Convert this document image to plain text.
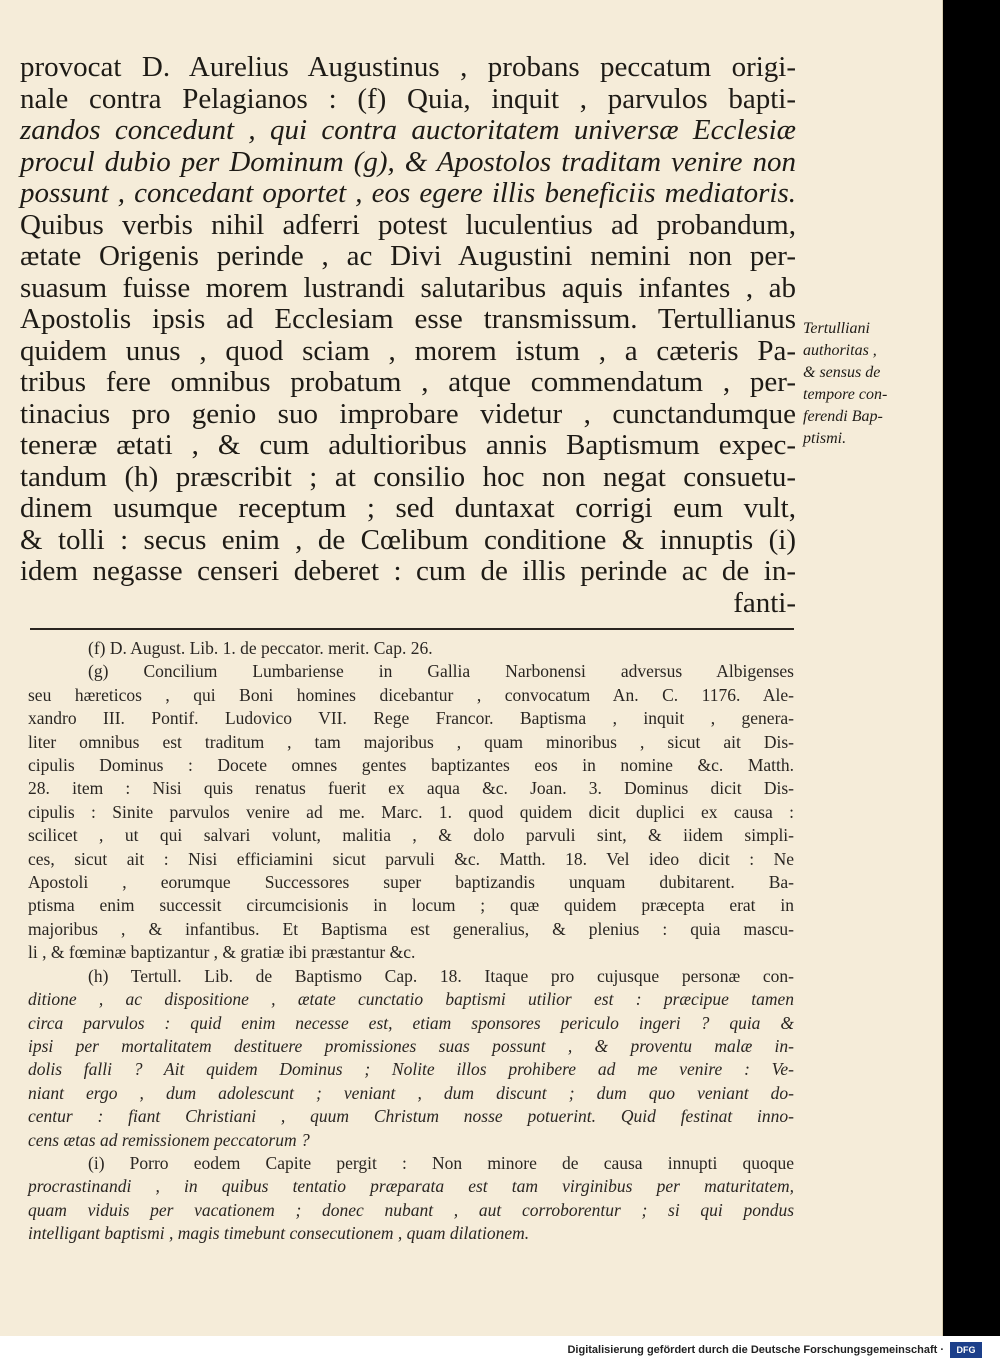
provocat D. Aurelius Augustinus , probans peccatum origi-
nale contra Pelagianos : (f) Quia, inquit , parvulos bapti-
zandos concedunt , qui contra auctoritatem universæ Ecclesiæ
procul dubio per Dominum (g), & Apostolos traditam venire non
possunt , concedant oportet , eos egere illis beneficiis mediatoris.
Quibus verbis nihil adferri potest luculentius ad probandum,
ætate Origenis perinde , ac Divi Augustini nemini non per-
suasum fuisse morem lustrandi salutaribus aquis infantes , ab
Apostolis ipsis ad Ecclesiam esse transmissum. Tertullianus
quidem unus , quod sciam , morem istum , a cæteris Pa-
tribus fere omnibus probatum , atque commendatum , per-
tinacius pro genio suo improbare videtur , cunctandumque
teneræ ætati , & cum adultioribus annis Baptismum expec-
tandum (h) præscribit ; at consilio hoc non negat consuetu-
dinem usumque receptum ; sed duntaxat corrigi eum vult,
& tolli : secus enim , de Cœlibum conditione & innuptis (i)
idem negasse censeri deberet : cum de illis perinde ac de in-
fanti-
Tertulliani
authoritas ,
& sensus de
tempore con-
ferendi Bap-
ptismi.
(f) D. August. Lib. 1. de peccator. merit. Cap. 26.
(g) Concilium Lumbariense in Gallia Narbonensi adversus Albigenses
seu hæreticos , qui Boni homines dicebantur , convocatum An. C. 1176. Ale-
xandro III. Pontif. Ludovico VII. Rege Francor. Baptisma , inquit , genera-
liter omnibus est traditum , tam majoribus , quam minoribus , sicut ait Dis-
cipulis Dominus : Docete omnes gentes baptizantes eos in nomine &c. Matth.
28. item : Nisi quis renatus fuerit ex aqua &c. Joan. 3. Dominus dicit Dis-
cipulis : Sinite parvulos venire ad me. Marc. 1. quod quidem dicit duplici ex causa :
scilicet , ut qui salvari volunt, malitia , & dolo parvuli sint, & iidem simpli-
ces, sicut ait : Nisi efficiamini sicut parvuli &c. Matth. 18. Vel ideo dicit : Ne
Apostoli , eorumque Successores super baptizandis unquam dubitarent. Ba-
ptisma enim successit circumcisionis in locum ; quæ quidem præcepta erat in
majoribus , & infantibus. Et Baptisma est generalius, & plenius : quia mascu-
li , & fœminæ baptizantur , & gratiæ ibi præstantur &c.
(h) Tertull. Lib. de Baptismo Cap. 18. Itaque pro cujusque personæ con-
ditione , ac dispositione , ætate cunctatio baptismi utilior est : præcipue tamen
circa parvulos : quid enim necesse est, etiam sponsores periculo ingeri ? quia &
ipsi per mortalitatem destituere promissiones suas possunt , & proventu malæ in-
dolis falli ? Ait quidem Dominus ; Nolite illos prohibere ad me venire : Ve-
niant ergo , dum adolescunt ; veniant , dum discunt ; dum quo veniant do-
centur : fiant Christiani , quum Christum nosse potuerint. Quid festinat inno-
cens ætas ad remissionem peccatorum ?
(i) Porro eodem Capite pergit : Non minore de causa innupti quoque
procrastinandi , in quibus tentatio præparata est tam virginibus per maturitatem,
quam viduis per vacationem ; donec nubant , aut corroborentur ; si qui pondus
intelligant baptismi , magis timebunt consecutionem , quam dilationem.
Digitalisierung gefördert durch die Deutsche Forschungsgemeinschaft ·	DFG
